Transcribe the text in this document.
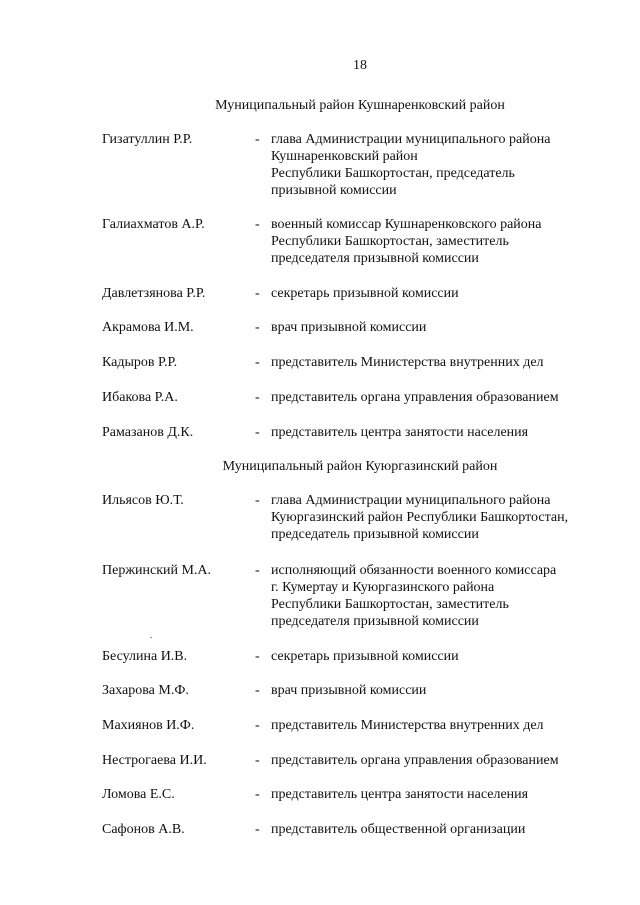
18
Муниципальный район Кушнаренковский район
Гизатуллин Р.Р.	- глава Администрации муниципального района
Кушнаренковский район
Республики Башкортостан, председатель
призывной комиссии
Галиахматов А.Р.	- военный комиссар Кушнаренковского района
Республики Башкортостан, заместитель
председателя призывной комиссии
Давлетзянова Р.Р.	- секретарь призывной комиссии
Акрамова И.М.	- врач призывной комиссии
Кадыров Р.Р.	- представитель Министерства внутренних дел
Ибакова Р.А.	- представитель органа управления образованием
Рамазанов Д.К.	- представитель центра занятости населения
Муниципальный район Куюргазинский район
Ильясов Ю.Т.	- глава Администрации муниципального района
Куюргазинский район Республики Башкортостан,
председатель призывной комиссии
Пержинский М.А.	- исполняющий обязанности военного комиссара
г. Кумертау и Куюргазинского района
Республики Башкортостан, заместитель
председателя призывной комиссии
Бесулина И.В.	- секретарь призывной комиссии
Захарова М.Ф.	- врач призывной комиссии
Махиянов И.Ф.	- представитель Министерства внутренних дел
Нестрогаева И.И.	- представитель органа управления образованием
Ломова Е.С.	- представитель центра занятости населения
Сафонов А.В.	- представитель общественной организации
